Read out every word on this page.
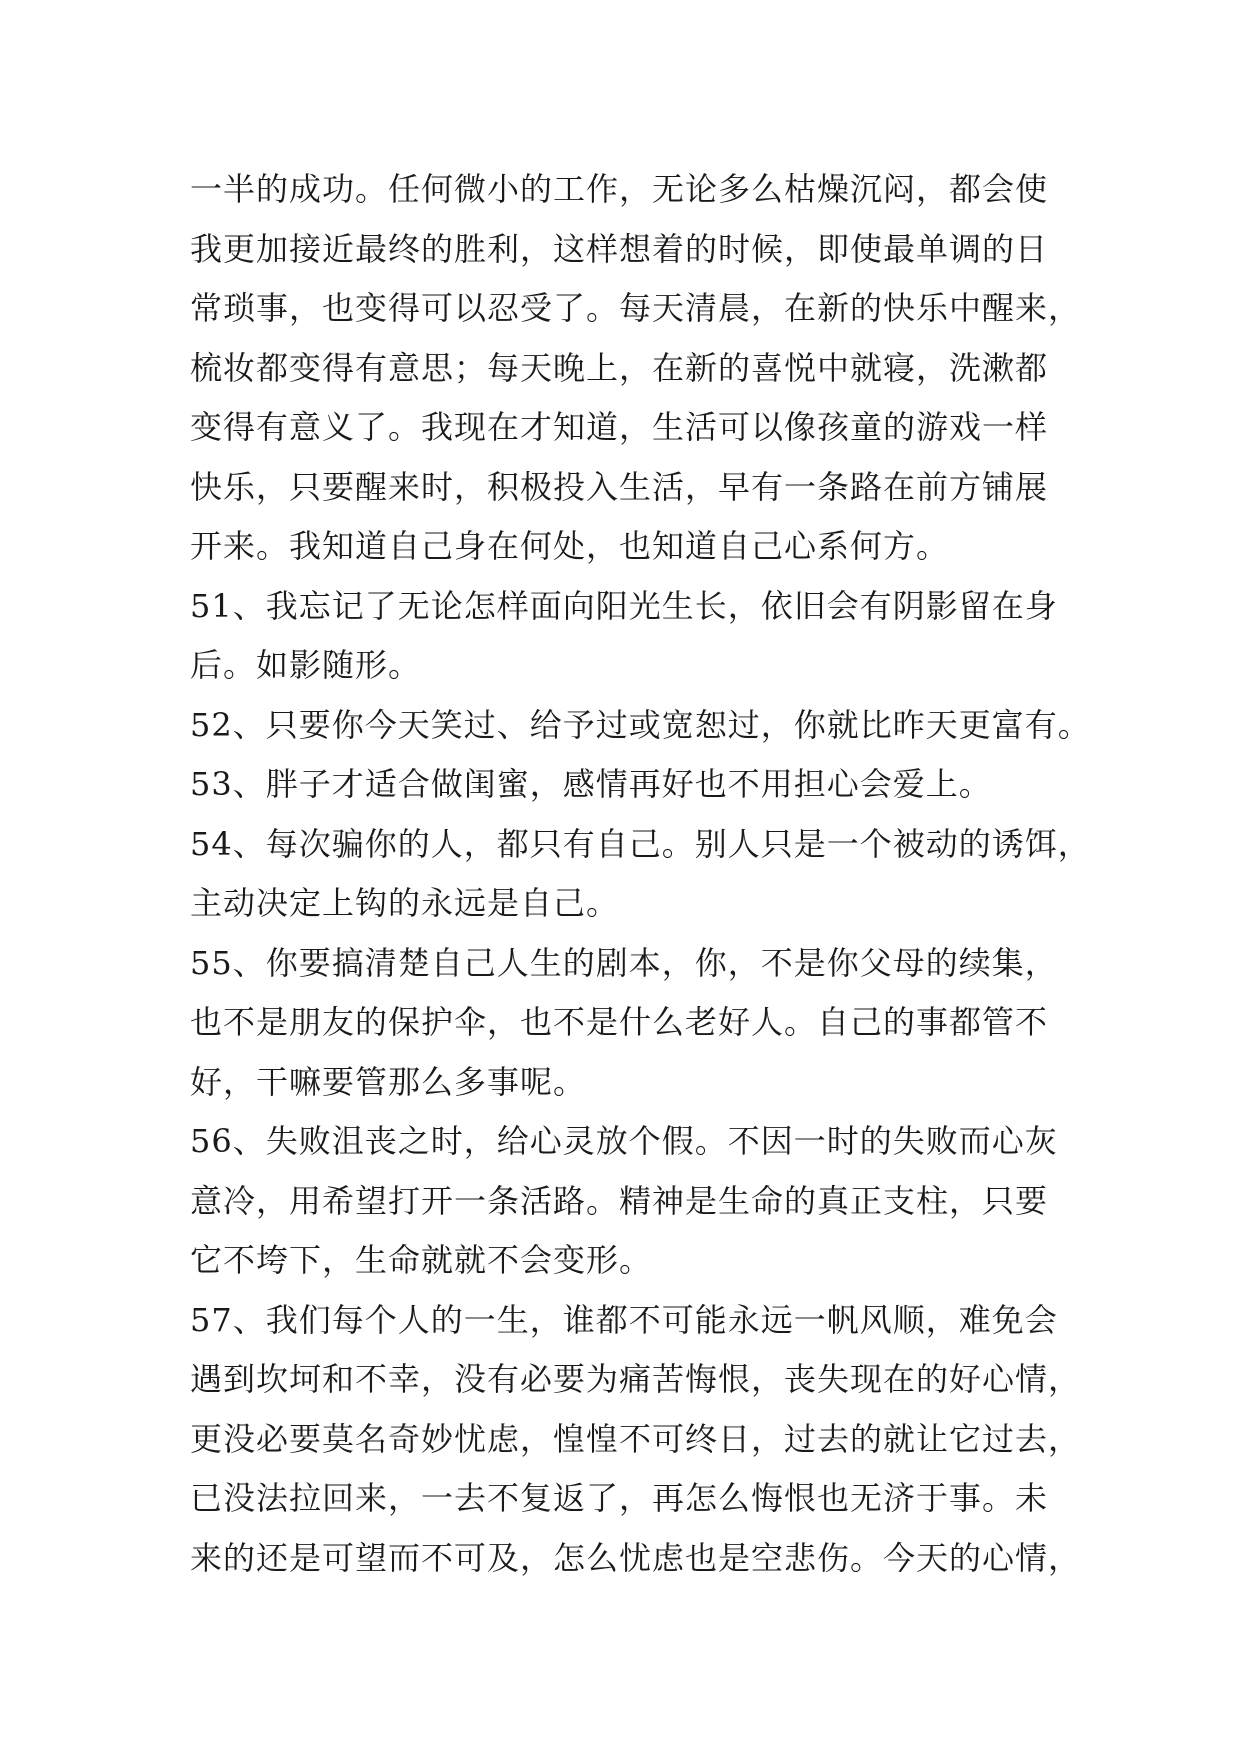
一半的成功。任何微小的工作，无论多么枯燥沉闷，都会使
我更加接近最终的胜利，这样想着的时候，即使最单调的日
常琐事，也变得可以忍受了。每天清晨，在新的快乐中醒来，
梳妆都变得有意思；每天晚上，在新的喜悦中就寝，洗漱都
变得有意义了。我现在才知道，生活可以像孩童的游戏一样
快乐，只要醒来时，积极投入生活，早有一条路在前方铺展
开来。我知道自己身在何处，也知道自己心系何方。
51、我忘记了无论怎样面向阳光生长，依旧会有阴影留在身
后。如影随形。
52、只要你今天笑过、给予过或宽恕过，你就比昨天更富有。
53、胖子才适合做闺蜜，感情再好也不用担心会爱上。
54、每次骗你的人，都只有自己。别人只是一个被动的诱饵，
主动决定上钩的永远是自己。
55、你要搞清楚自己人生的剧本，你，不是你父母的续集，
也不是朋友的保护伞，也不是什么老好人。自己的事都管不
好，干嘛要管那么多事呢。
56、失败沮丧之时，给心灵放个假。不因一时的失败而心灰
意冷，用希望打开一条活路。精神是生命的真正支柱，只要
它不垮下，生命就就不会变形。
57、我们每个人的一生，谁都不可能永远一帆风顺，难免会
遇到坎坷和不幸，没有必要为痛苦悔恨，丧失现在的好心情，
更没必要莫名奇妙忧虑，惶惶不可终日，过去的就让它过去，
已没法拉回来，一去不复返了，再怎么悔恨也无济于事。未
来的还是可望而不可及，怎么忧虑也是空悲伤。今天的心情，
